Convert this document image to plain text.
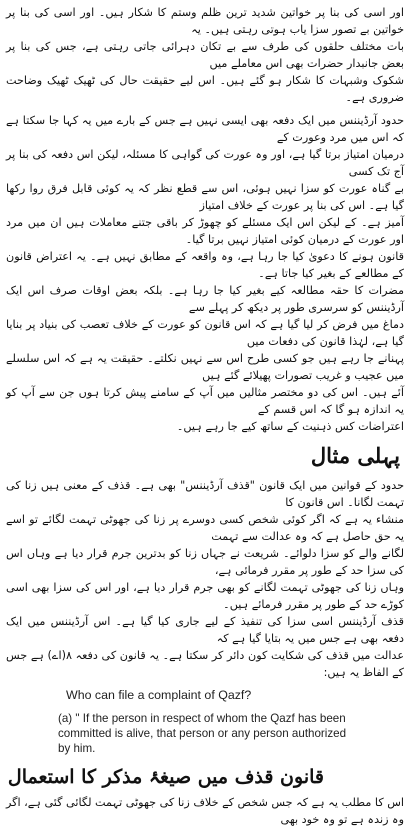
اور اسی کی بنا پر خواتین شدید ترین ظلم وستم کا شکار ہیں۔ اور اسی کی بنا پر خواتین بے تصور سزا یاب ہوتی رہتی ہیں۔ یہ
بات مختلف حلقوں کی طرف سے بے تکان دہرائی جاتی رہتی ہے، جس کی بنا پر بعض جانبدار حضرات بھی اس معاملے میں
شکوک وشبہات کا شکار ہو گئے ہیں۔ اس لیے حقیقت حال کی ٹھیک ٹھیک وضاحت ضروری ہے۔

حدود آرڈیننس میں ایک دفعہ بھی ایسی نہیں ہے جس کے بارے میں یہ کہا جا سکتا ہے کہ اس میں مرد وعورت کے
درمیان امتیاز برتا گیا ہے، اور وہ عورت کی گواہی کا مسئلہ، لیکن اس دفعہ کی بنا پر آج تک کسی
بے گناہ عورت کو سزا نہیں ہوئی، اس سے قطع نظر کہ یہ کوئی قابل فرق روا رکھا گیا ہے۔ اس کی بنا پر عورت کے خلاف امتیاز
آمیز ہے۔ کے لیکن اس ایک مسئلے کو چھوڑ کر باقی جتنے معاملات ہیں ان میں مرد اور عورت کے درمیان کوئی امتیاز نہیں برتا گیا۔
قانون ہونے کا دعویٰ کیا جا رہا ہے، وہ واقعہ کے مطابق نہیں ہے۔ یہ اعتراض قانون کے مطالعے کے بغیر کیا جاتا ہے۔
مضرات کا حقہ مطالعہ کیے بغیر کیا جا رہا ہے۔ بلکہ بعض اوقات صرف اس ایک آرڈیننس کو سرسری طور پر دیکھ کر پہلے سے
دماغ میں فرض کر لیا گیا ہے کہ اس قانون کو عورت کے خلاف تعصب کی بنیاد پر بنایا گیا ہے، لہٰذا قانون کی دفعات میں
پہنانے جا رہے ہیں جو کسی طرح اس سے نہیں نکلتے۔ حقیقت یہ ہے کہ اس سلسلے میں عجیب و غریب تصورات پھیلائے گئے ہیں
آئے ہیں۔ اس کی دو مختصر مثالیں میں آپ کے سامنے پیش کرتا ہوں جن سے آپ کو یہ اندازہ ہو گا کہ اس قسم کے
اعتراضات کس ذہنیت کے ساتھ کیے جا رہے ہیں۔

پہلی مثال

حدود کے قوانین میں ایک قانون "قذف آرڈیننس" بھی ہے۔ قذف کے معنی ہیں زنا کی تہمت لگانا۔ اس قانون کا
منشاء یہ ہے کہ اگر کوئی شخص کسی دوسرے پر زنا کی جھوٹی تہمت لگائے تو اسے یہ حق حاصل ہے کہ وہ عدالت سے تہمت
لگانے والے کو سزا دلوائے۔ شریعت نے جہاں زنا کو بدترین جرم قرار دیا ہے وہاں اس کی سزا حد کے طور پر مقرر فرمائی ہے،
وہاں زنا کی جھوٹی تہمت لگانے کو بھی جرم قرار دیا ہے، اور اس کی سزا بھی اسی کوڑے حد کے طور پر مقرر فرمائے ہیں۔
قذف آرڈیننس اسی سزا کی تنفیذ کے لیے جاری کیا گیا ہے۔ اس آرڈیننس میں ایک دفعہ بھی ہے جس میں یہ بتایا گیا ہے کہ
عدالت میں قذف کی شکایت کون دائر کر سکتا ہے۔ یہ قانون کی دفعہ ۸(اے) ہے جس کے الفاظ یہ ہیں:

Who can file a complaint of Qazf?
(a) " If the person in respect of whom the Qazf has been committed is alive, that person or any person authorized by him.
قانون قذف میں صیغۂ مذکر کا استعمال

اس کا مطلب یہ ہے کہ جس شخص کے خلاف زنا کی جھوٹی تہمت لگائی گئی ہے، اگر وہ زندہ ہے تو وہ خود بھی
